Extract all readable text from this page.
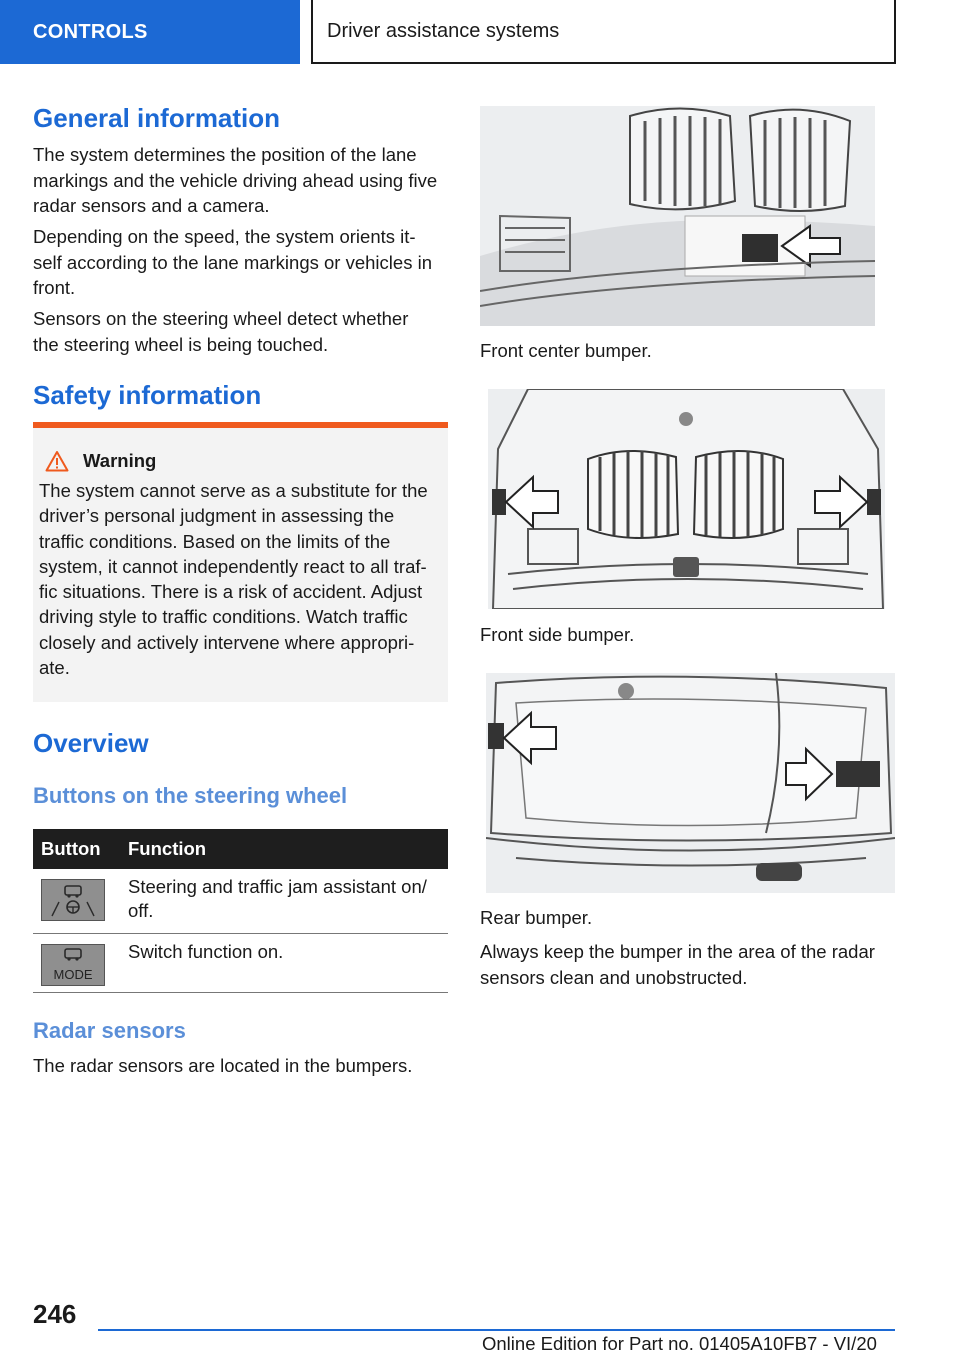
CONTROLS	Driver assistance systems
General information

The system determines the position of the lane
markings and the vehicle driving ahead using five
radar sensors and a camera.

Depending on the speed, the system orients it-
self according to the lane markings or vehicles in
front.

Sensors on the steering wheel detect whether
the steering wheel is being touched.

Safety information
Warning
The system cannot serve as a substitute for the
driver’s personal judgment in assessing the
traffic conditions. Based on the limits of the
system, it cannot independently react to all traf-
fic situations. There is a risk of accident. Adjust
driving style to traffic conditions. Watch traffic
closely and actively intervene where appropri-
ate.
Overview
Buttons on the steering wheel
Button	Function

	Steering and traffic jam assistant on/
off.

MODE	Switch function on.
Radar sensors

The radar sensors are located in the bumpers.

Front center bumper.

Front side bumper.

Rear bumper.

Always keep the bumper in the area of the radar
sensors clean and unobstructed.

246
Online Edition for Part no. 01405A10FB7 - VI/20
